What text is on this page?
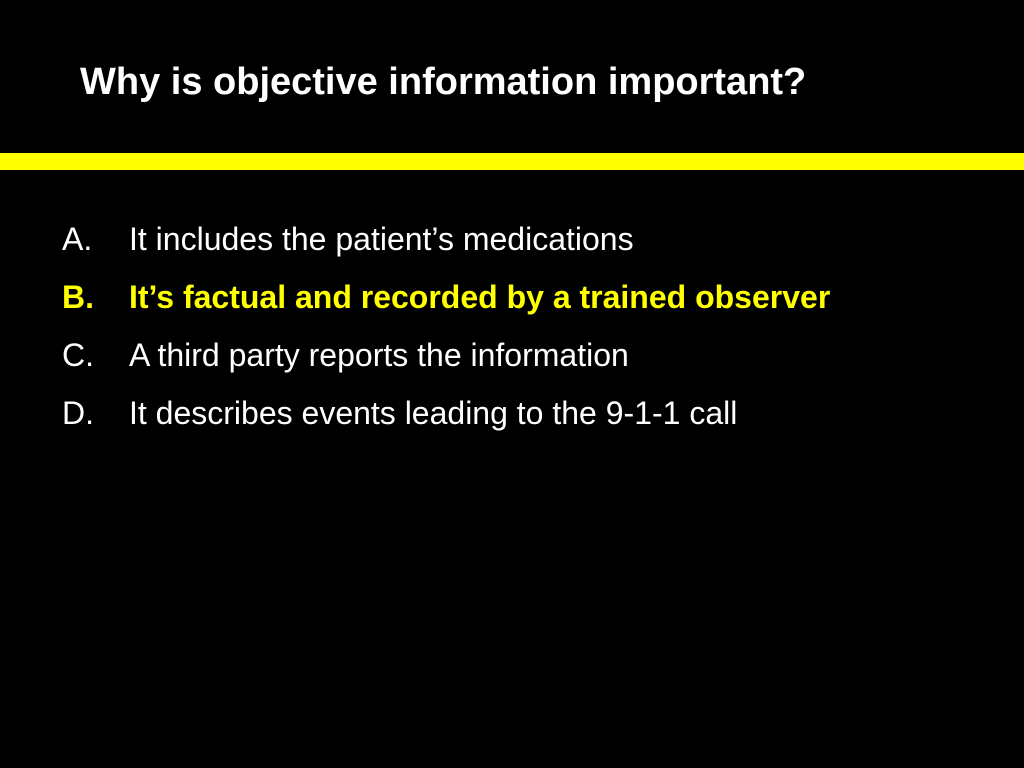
Why is objective information important?
A.	It includes the patient’s medications
B.	It’s factual and recorded by a trained observer
C.	A third party reports the information
D.	It describes events leading to the 9-1-1 call
